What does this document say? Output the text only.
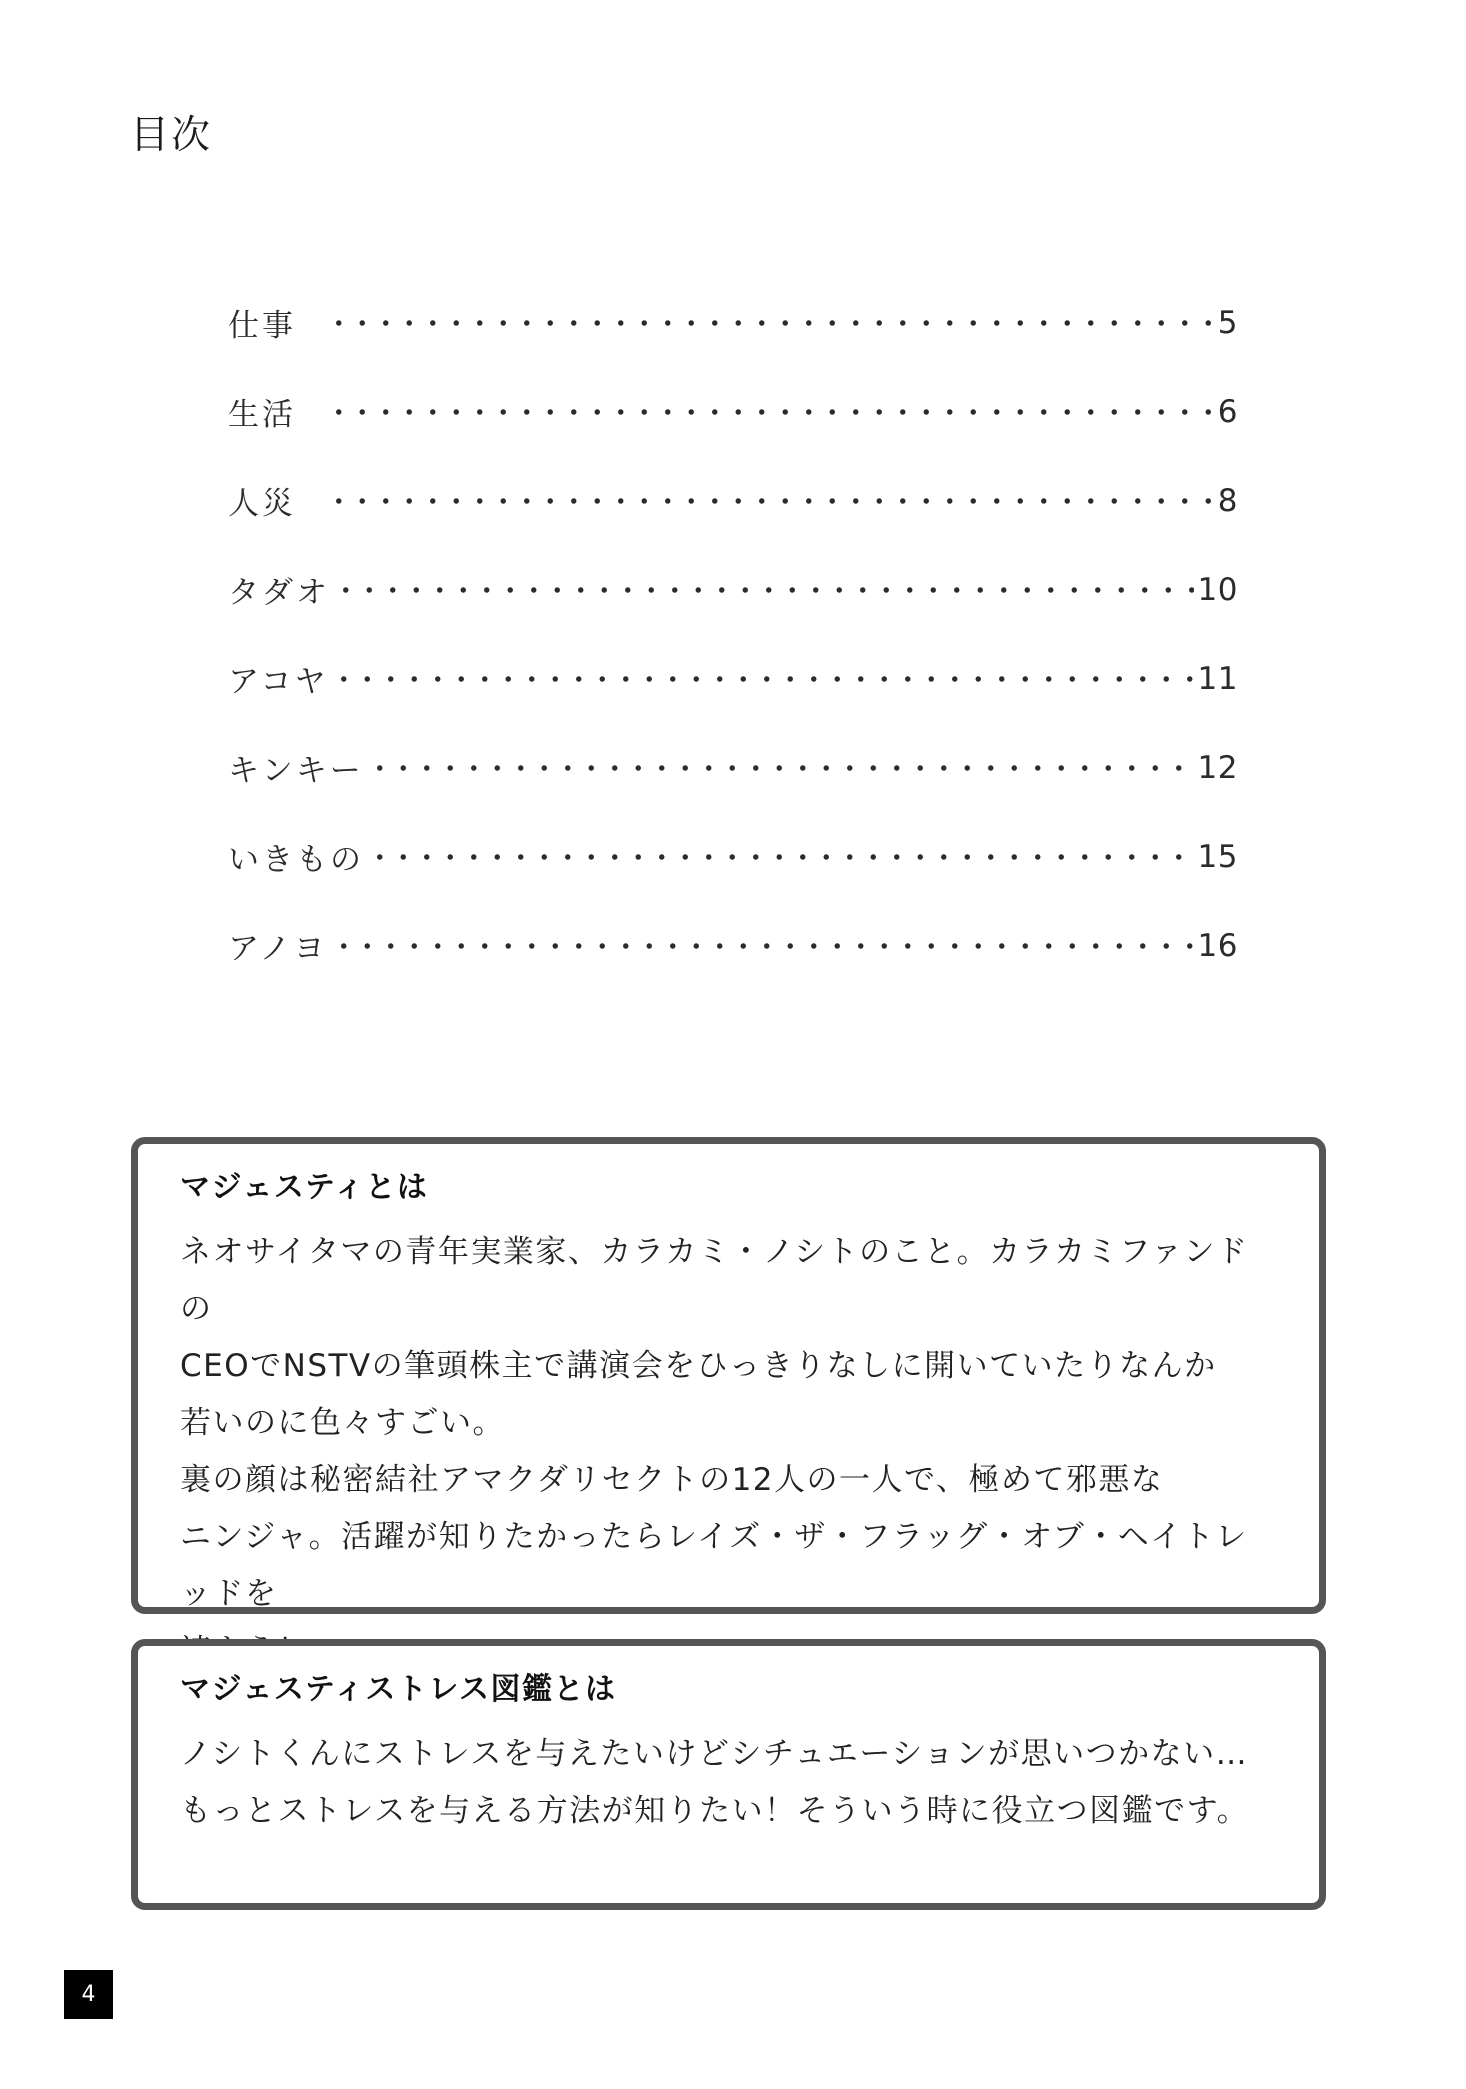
目次
仕事	5
生活	6
人災	8
タダオ	10
アコヤ	11
キンキー	12
いきもの	15
アノヨ	16
マジェスティとは

ネオサイタマの青年実業家、カラカミ・ノシトのこと。カラカミファンドの

CEOでNSTVの筆頭株主で講演会をひっきりなしに開いていたりなんか

若いのに色々すごい。

裏の顔は秘密結社アマクダリセクトの12人の一人で、極めて邪悪な

ニンジャ。活躍が知りたかったらレイズ・ザ・フラッグ・オブ・ヘイトレッドを

マジェスティストレス図鑑とは

ノシトくんにストレスを与えたいけどシチュエーションが思いつかない…

もっとストレスを与える方法が知りたい！そういう時に役立つ図鑑です。

4
